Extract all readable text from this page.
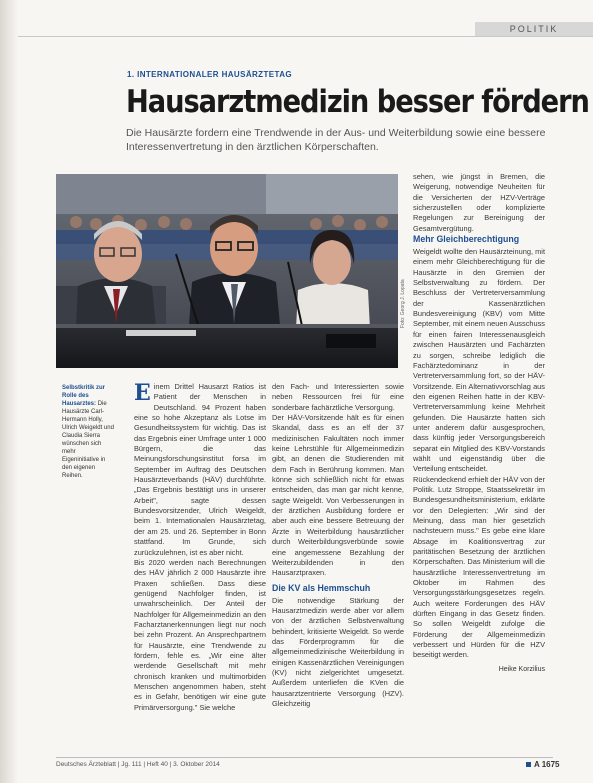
POLITIK
1. INTERNATIONALER HAUSÄRZTETAG
Hausarztmedizin besser fördern
Die Hausärzte fordern eine Trendwende in der Aus- und Weiterbildung sowie eine bessere Interessenvertretung in den ärztlichen Körperschaften.
Foto: Georg J. Lopata
Selbstkritik zur Rolle des Hausarztes: Die Hausärzte Carl-Hermann Holly, Ulrich Weigeldt und Claudia Sierra wünschen sich mehr Eigeninitiative in den eigenen Reihen.
E inem Drittel Hausarzt Ratios ist Patient der Menschen in Deutschland. 94 Prozent haben eine so hohe Akzeptanz als Lotse im Gesundheitssystem für wichtig. Das ist das Ergebnis einer Umfrage unter 1 000 Bürgern, die das Meinungsforschungsinstitut forsa im September im Auftrag des Deutschen Hausärzteverbands (HÄV) durchführte. „Das Ergebnis bestätigt uns in unserer Arbeit", sagte dessen Bundesvorsitzender, Ulrich Weigeldt, beim 1. Internationalen Hausärztetag, der am 25. und 26. September in Bonn stattfand. Im Grunde, sich zurückzulehnen, ist es aber nicht.

Bis 2020 werden nach Berechnungen des HÄV jährlich 2 000 Hausärzte ihre Praxen schließen. Dass diese genügend Nachfolger finden, ist unwahrscheinlich. Der Anteil der Nachfolger für Allgemeinmedizin an den Facharztanerkennungen liegt nur noch bei zehn Prozent. An Ansprechpartnern für Hausärzte, eine Trendwende zu fördern, fehle es. „Wir eine älter werdende Gesellschaft mit mehr chronisch kranken und multimorbiden Menschen angenommen haben, steht es in Gefahr, benötigen wir eine gute Primärversorgung." Sie welche

den Fach- und Interessierten sowie neben Ressourcen frei für eine sonderbare fachärztliche Versorgung.

Der HÄV-Vorsitzende hält es für einen Skandal, dass es an elf der 37 medizinischen Fakultäten noch immer keine Lehrstühle für Allgemeinmedizin gibt, an denen die Studierenden mit dem Fach in Berührung kommen. Man könne sich schließlich nicht für etwas entscheiden, das man gar nicht kenne, sagte Weigeldt. Von Verbesserungen in der ärztlichen Ausbildung fordere er aber auch eine bessere Betreuung der Ärzte in Weiterbildung hausärztlicher durch Weiterbildungsverbünde sowie eine angemessene Bezahlung der Weiterzubildenden in den Hausarztpraxen.

Die KV als Hemmschuh

Die notwendige Stärkung der Hausarztmedizin werde aber vor allem von der ärztlichen Selbstverwaltung behindert, kritisierte Weigeldt. So werde das Förderprogramm für die allgemeinmedizinische Weiterbildung in einigen Kassenärztlichen Vereinigungen (KV) nicht zielgerichtet umgesetzt. Außerdem unterliefen die KVen die hausarztzentrierte Versorgung (HZV). Gleichzeitig

sehen, wie jüngst in Bremen, die Weigerung, notwendige Neuheiten für die Versicherten der HZV-Verträge sicherzustellen oder komplizierte Regelungen zur Bereinigung der Gesamtvergütung.

Mehr Gleichberechtigung

Weigeldt wollte den Hausärzteinung, mit einem mehr Gleichberechtigung für die Hausärzte in den Gremien der Selbstverwaltung zu fördern. Der Beschluss der Vertreterversammlung der Kassenärztlichen Bundesvereinigung (KBV) vom Mitte September, mit einem neuen Ausschuss für einen fairen Interessenausgleich zwischen Hausärzten und Fachärzten zu sorgen, schreibe lediglich die Fachärztedominanz in der Vertreterversammlung fort, so der HÄV-Vorsitzende. Ein Alternativvorschlag aus den eigenen Reihen hatte in der KBV-Vertreterversammlung keine Mehrheit gefunden. Die Hausärzte hatten sich unter anderem dafür ausgesprochen, dass künftig jeder Versorgungsbereich separat ein Mitglied des KBV-Vorstands wählt und eigenständig über die Verteilung entscheidet.

Rückendeckend erhielt der HÄV von der Politik. Lutz Stroppe, Staatssekretär im Bundesgesundheitsministerium, erklärte vor den Delegierten: „Wir sind der Meinung, dass man hier gesetzlich nachsteuern muss." Es gebe eine klare Absage im Koalitionsvertrag zur paritätischen Besetzung der ärztlichen Körperschaften. Das Ministerium will die hausärztliche Interessenvertretung im Oktober im Rahmen des Versorgungsstärkungsgesetzes regeln. Auch weitere Forderungen des HÄV dürften Eingang in das Gesetz finden. So sollen Weigeldt zufolge die Förderung der Allgemeinmedizin verbessert und Hürden für die HZV beseitigt werden.

Heike Korzilius
Deutsches Ärzteblatt | Jg. 111 | Heft 40 | 3. Oktober 2014	A 1675
